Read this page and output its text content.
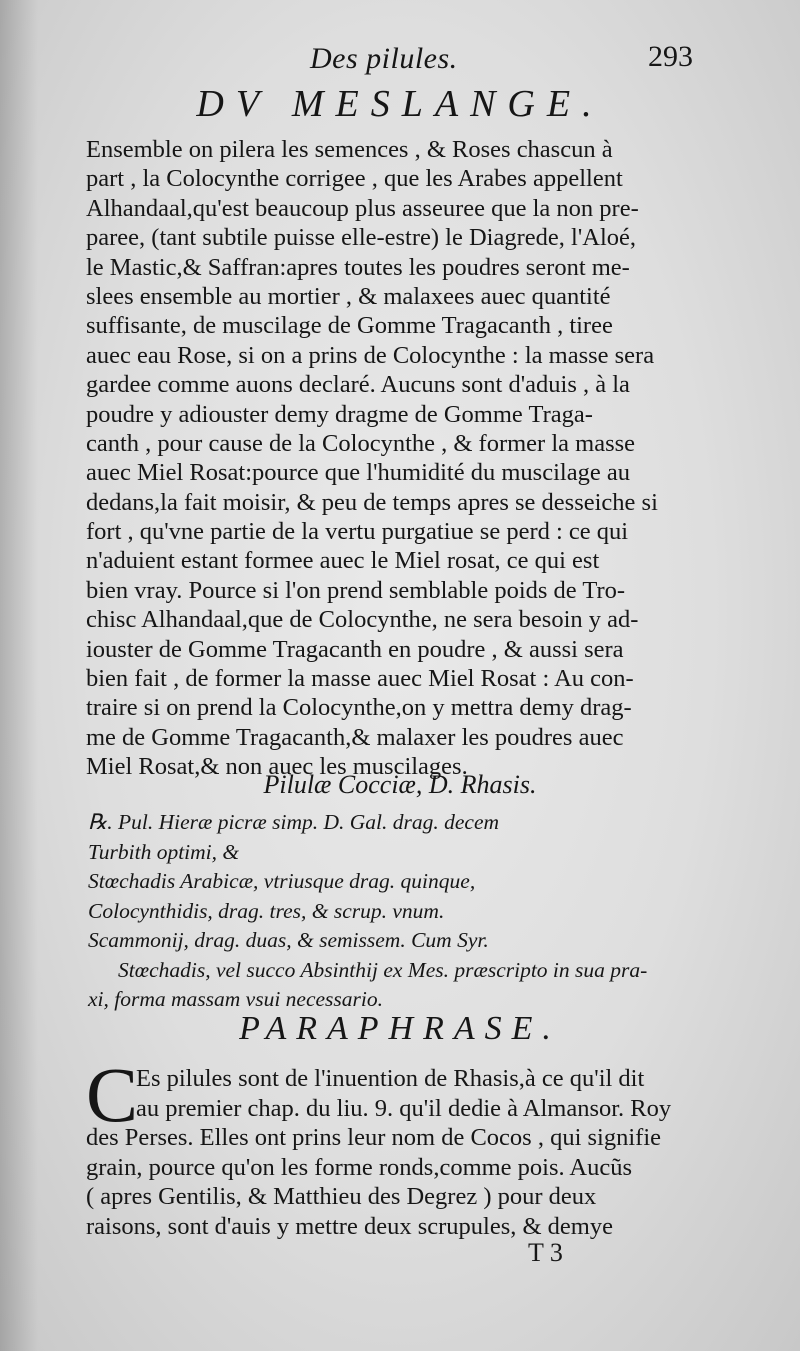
Des pilules.	293
DV MESLANGE.
Ensemble on pilera les semences , & Roses chascun à
part , la Colocynthe corrigee , que les Arabes appellent
Alhandaal,qu'est beaucoup plus asseuree que la non pre-
paree, (tant subtile puisse elle-estre) le Diagrede, l'Aloé,
le Mastic,& Saffran:apres toutes les poudres seront me-
slees ensemble au mortier , & malaxees auec quantité
suffisante, de muscilage de Gomme Tragacanth , tiree
auec eau Rose, si on a prins de Colocynthe : la masse sera
gardee comme auons declaré. Aucuns sont d'aduis , à la
poudre y adiouster demy dragme de Gomme Traga-
canth , pour cause de la Colocynthe , & former la masse
auec Miel Rosat:pource que l'humidité du muscilage au
dedans,la fait moisir, & peu de temps apres se desseiche si
fort , qu'vne partie de la vertu purgatiue se perd : ce qui
n'aduient estant formee auec le Miel rosat, ce qui est
bien vray. Pource si l'on prend semblable poids de Tro-
chisc Alhandaal,que de Colocynthe, ne sera besoin y ad-
iouster de Gomme Tragacanth en poudre , & aussi sera
bien fait , de former la masse auec Miel Rosat : Au con-
traire si on prend la Colocynthe,on y mettra demy drag-
me de Gomme Tragacanth,& malaxer les poudres auec
Miel Rosat,& non auec les muscilages.
Pilulæ Cocciæ, D. Rhasis.
℞. Pul. Hieræ picræ simp. D. Gal. drag. decem
Turbith optimi, &
Stœchadis Arabicæ, vtriusque drag. quinque,
Colocynthidis, drag. tres, & scrup. vnum.
Scammonij, drag. duas, & semissem. Cum Syr.
Stœchadis, vel succo Absinthij ex Mes. præscripto in sua pra-
xi, forma massam vsui necessario.
PARAPHRASE.
C
Es pilules sont de l'inuention de Rhasis,à ce qu'il dit
au premier chap. du liu. 9. qu'il dedie à Almansor. Roy
des Perses. Elles ont prins leur nom de Cocos , qui signifie
grain, pource qu'on les forme ronds,comme pois. Aucũs
( apres Gentilis, & Matthieu des Degrez ) pour deux
raisons, sont d'auis y mettre deux scrupules, & demye
T 3
